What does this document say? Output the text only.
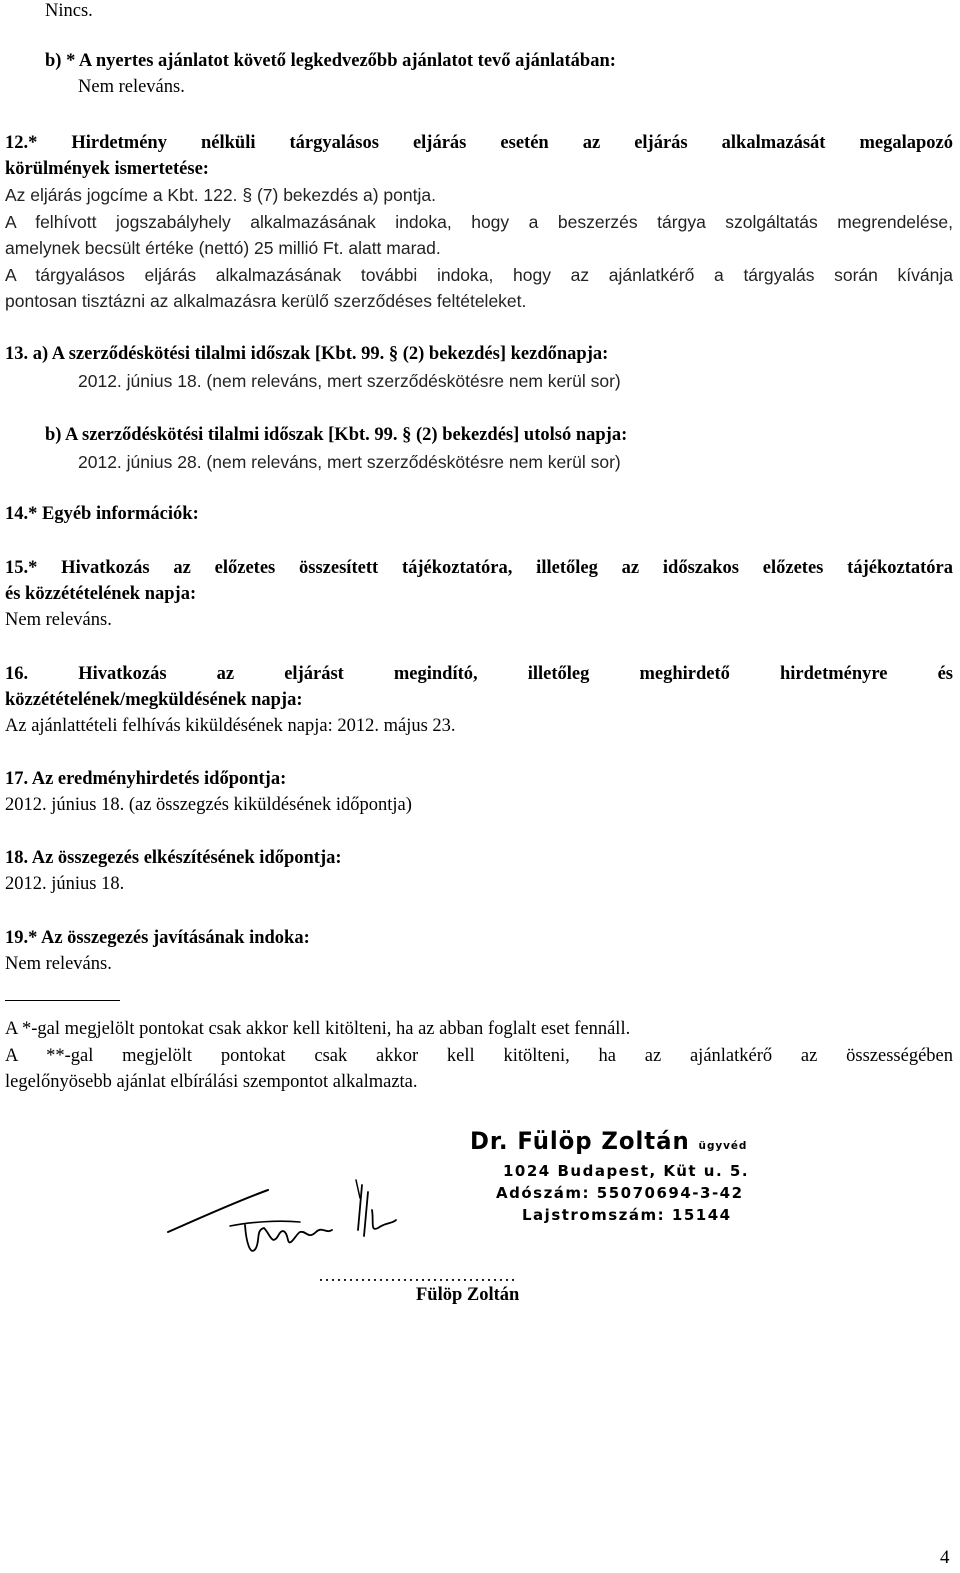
Nincs.

b) * A nyertes ajánlatot követő legkedvezőbb ajánlatot tevő ajánlatában:

Nem releváns.

12.* Hirdetmény nélküli tárgyalásos eljárás esetén az eljárás alkalmazását megalapozó

körülmények ismertetése:

Az eljárás jogcíme a Kbt. 122. § (7) bekezdés a) pontja.

A felhívott jogszabályhely alkalmazásának indoka, hogy a beszerzés tárgya szolgáltatás megrendelése,

amelynek becsült értéke (nettó) 25 millió Ft. alatt marad.

A tárgyalásos eljárás alkalmazásának további indoka, hogy az ajánlatkérő a tárgyalás során kívánja

pontosan tisztázni az alkalmazásra kerülő szerződéses feltételeket.

13. a) A szerződéskötési tilalmi időszak [Kbt. 99. § (2) bekezdés] kezdőnapja:

2012. június 18. (nem releváns, mert szerződéskötésre nem kerül sor)

b) A szerződéskötési tilalmi időszak [Kbt. 99. § (2) bekezdés] utolsó napja:

2012. június 28. (nem releváns, mert szerződéskötésre nem kerül sor)

14.* Egyéb információk:

15.* Hivatkozás az előzetes összesített tájékoztatóra, illetőleg az időszakos előzetes tájékoztatóra

és közzétételének napja:

Nem releváns.

16. Hivatkozás az eljárást megindító, illetőleg meghirdető hirdetményre és

közzétételének/megküldésének napja:

Az ajánlattételi felhívás kiküldésének napja: 2012. május 23.

17. Az eredményhirdetés időpontja:

2012. június 18. (az összegzés kiküldésének időpontja)

18. Az összegezés elkészítésének időpontja:

2012. június 18.

19.* Az összegezés javításának indoka:

Nem releváns.

A *-gal megjelölt pontokat csak akkor kell kitölteni, ha az abban foglalt eset fennáll.

A **-gal megjelölt pontokat csak akkor kell kitölteni, ha az ajánlatkérő az összességében

legelőnyösebb ajánlat elbírálási szempontot alkalmazta.

Dr. Fülöp Zoltán ügyvéd
1024 Budapest, Küt u. 5.
Adószám: 55070694-3-42
Lajstromszám: 15144
……………………………
Fülöp Zoltán
4
